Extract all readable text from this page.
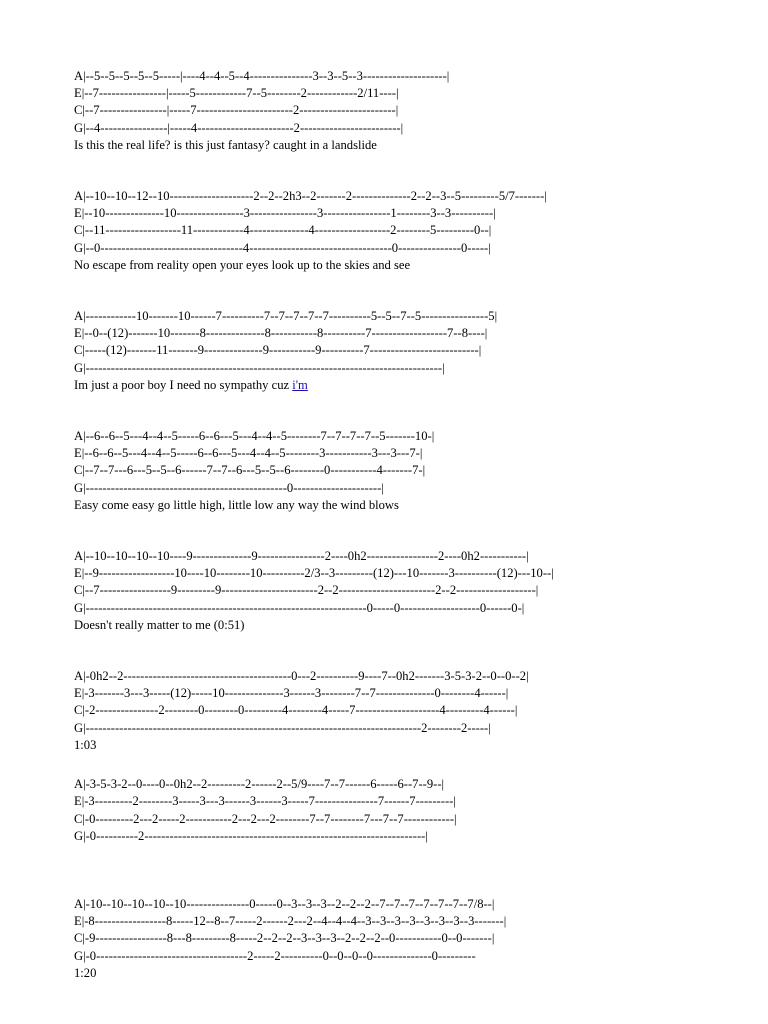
A|--5--5--5--5--5-----|----4--4--5--4---------------3--3--5--3--------------------|
E|--7----------------|-----5------------7--5--------2------------2/11----|
C|--7----------------|-----7-----------------------2-----------------------|
G|--4----------------|-----4-----------------------2------------------------|
Is this the real life? is this just fantasy? caught in a landslide
A|--10--10--12--10--------------------2--2--2h3--2-------2--------------2--2--3--5---------5/7-------|
E|--10--------------10----------------3----------------3----------------1--------3--3----------|
C|--11------------------11------------4--------------4------------------2--------5---------0--|
G|--0----------------------------------4----------------------------------0---------------0-----|
No escape from reality open your eyes look up to the skies and see
A|------------10-------10------7----------7--7--7--7--7----------5--5--7--5----------------5|
E|--0--(12)-------10-------8--------------8-----------8----------7------------------7--8----|
C|-----(12)-------11-------9--------------9-----------9----------7--------------------------|
G|-------------------------------------------------------------------------------------|
Im just a poor boy I need no sympathy cuz i'm
A|--6--6--5---4--4--5-----6--6---5---4--4--5--------7--7--7--7--5-------10-|
E|--6--6--5---4--4--5-----6--6---5---4--4--5--------3-----------3---3---7-|
C|--7--7---6---5--5--6------7--7--6---5--5--6--------0-----------4-------7-|
G|------------------------------------------------0---------------------|
Easy come easy go little high, little low any way the wind blows
A|--10--10--10--10----9--------------9----------------2----0h2-----------------2----0h2-----------|
E|--9------------------10----10--------10----------2/3--3---------(12)---10-------3----------(12)---10--|
C|--7-----------------9---------9-----------------------2--2-----------------------2--2-------------------|
G|-------------------------------------------------------------------0-----0-------------------0------0-|
Doesn't really matter to me (0:51)
A|-0h2--2----------------------------------------0---2----------9----7--0h2-------3-5-3-2--0--0--2|
E|-3-------3---3-----(12)-----10--------------3------3--------7--7--------------0--------4------|
C|-2---------------2--------0--------0---------4--------4-----7--------------------4---------4------|
G|--------------------------------------------------------------------------------2--------2-----|
1:03
A|-3-5-3-2--0----0--0h2--2---------2------2--5/9----7--7------6-----6--7--9--|
E|-3---------2--------3-----3---3------3------3-----7---------------7------7---------|
C|-0---------2---2-----2-----------2---2---2--------7--7--------7---7--7------------|
G|-0----------2-------------------------------------------------------------------|
A|-10--10--10--10--10---------------0-----0--3--3--3--2--2--2--7--7--7--7--7--7--7/8--|
E|-8-----------------8-----12--8--7-----2------2---2--4--4--4--3--3--3--3--3--3--3--3-------|
C|-9-----------------8---8---------8-----2--2--2--3--3--3--2--2--2--0-----------0--0-------|
G|-0------------------------------------2-----2----------0--0--0--0--------------0---------
1:20
